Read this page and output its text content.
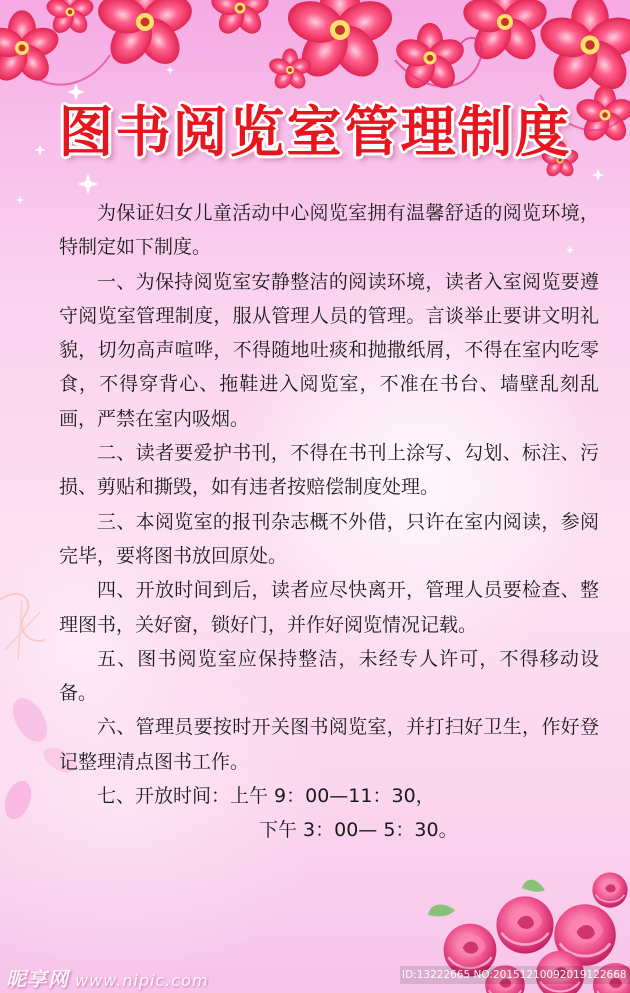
图书阅览室管理制度

为保证妇女儿童活动中心阅览室拥有温馨舒适的阅览环境，特制定如下制度。

一、为保持阅览室安静整洁的阅读环境，读者入室阅览要遵守阅览室管理制度，服从管理人员的管理。言谈举止要讲文明礼貌，切勿高声喧哗，不得随地吐痰和抛撒纸屑，不得在室内吃零食，不得穿背心、拖鞋进入阅览室，不准在书台、墙壁乱刻乱画，严禁在室内吸烟。

二、读者要爱护书刊，不得在书刊上涂写、勾划、标注、污损、剪贴和撕毁，如有违者按赔偿制度处理。

三、本阅览室的报刊杂志概不外借，只许在室内阅读，参阅完毕，要将图书放回原处。

四、开放时间到后，读者应尽快离开，管理人员要检查、整理图书，关好窗，锁好门，并作好阅览情况记载。

五、图书阅览室应保持整洁，未经专人许可，不得移动设备。

六、管理员要按时开关图书阅览室，并打扫好卫生，作好登记整理清点图书工作。

七、开放时间：上午 9：00—11：30，
下午 3：00— 5：30。
昵享网 www.nipic.com	ID:13222665 NO:20151210092019122668
